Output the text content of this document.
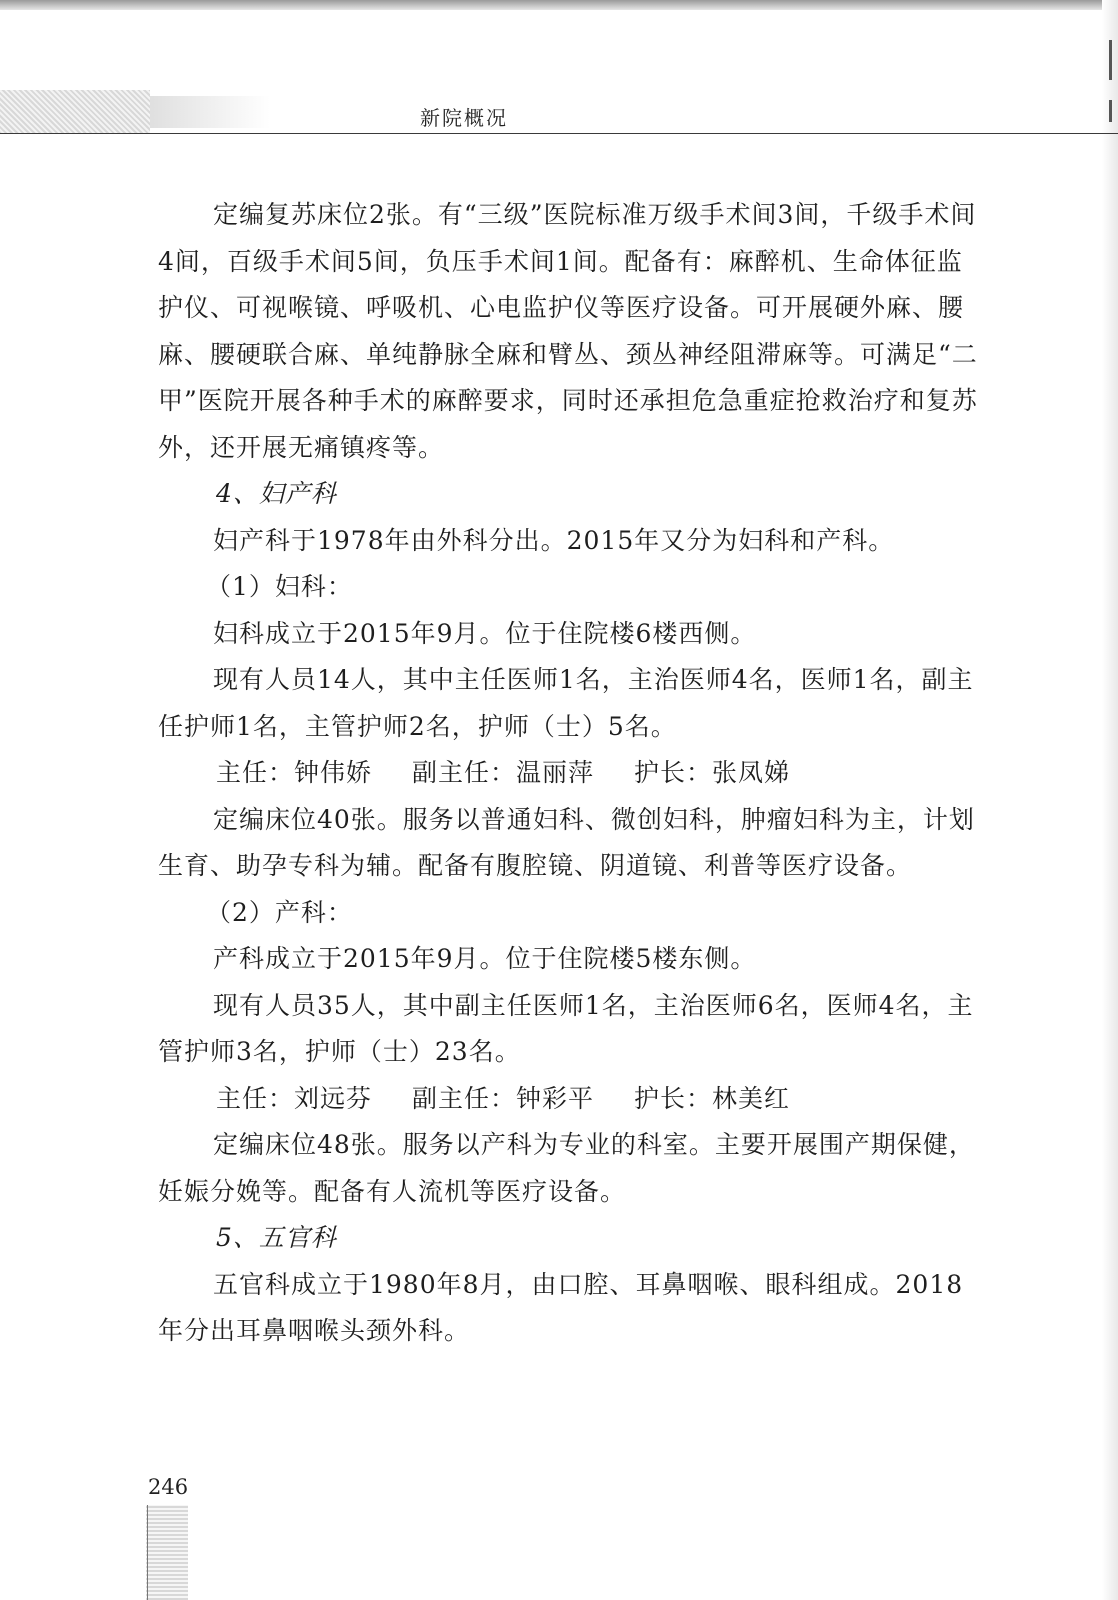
新院概况

定编复苏床位2张。有“三级”医院标准万级手术间3间，千级手术间4间，百级手术间5间，负压手术间1间。配备有：麻醉机、生命体征监护仪、可视喉镜、呼吸机、心电监护仪等医疗设备。可开展硬外麻、腰麻、腰硬联合麻、单纯静脉全麻和臂丛、颈丛神经阻滞麻等。可满足“二甲”医院开展各种手术的麻醉要求，同时还承担危急重症抢救治疗和复苏外，还开展无痛镇疼等。

4、妇产科

妇产科于1978年由外科分出。2015年又分为妇科和产科。

（1）妇科：

妇科成立于2015年9月。位于住院楼6楼西侧。

现有人员14人，其中主任医师1名，主治医师4名，医师1名，副主任护师1名，主管护师2名，护师（士）5名。

主任：钟伟娇 副主任：温丽萍 护长：张凤娣

定编床位40张。服务以普通妇科、微创妇科，肿瘤妇科为主，计划生育、助孕专科为辅。配备有腹腔镜、阴道镜、利普等医疗设备。

（2）产科：

产科成立于2015年9月。位于住院楼5楼东侧。

现有人员35人，其中副主任医师1名，主治医师6名，医师4名，主管护师3名，护师（士）23名。

主任：刘远芬 副主任：钟彩平 护长：林美红

定编床位48张。服务以产科为专业的科室。主要开展围产期保健，妊娠分娩等。配备有人流机等医疗设备。

5、五官科

五官科成立于1980年8月，由口腔、耳鼻咽喉、眼科组成。2018年分出耳鼻咽喉头颈外科。

246
